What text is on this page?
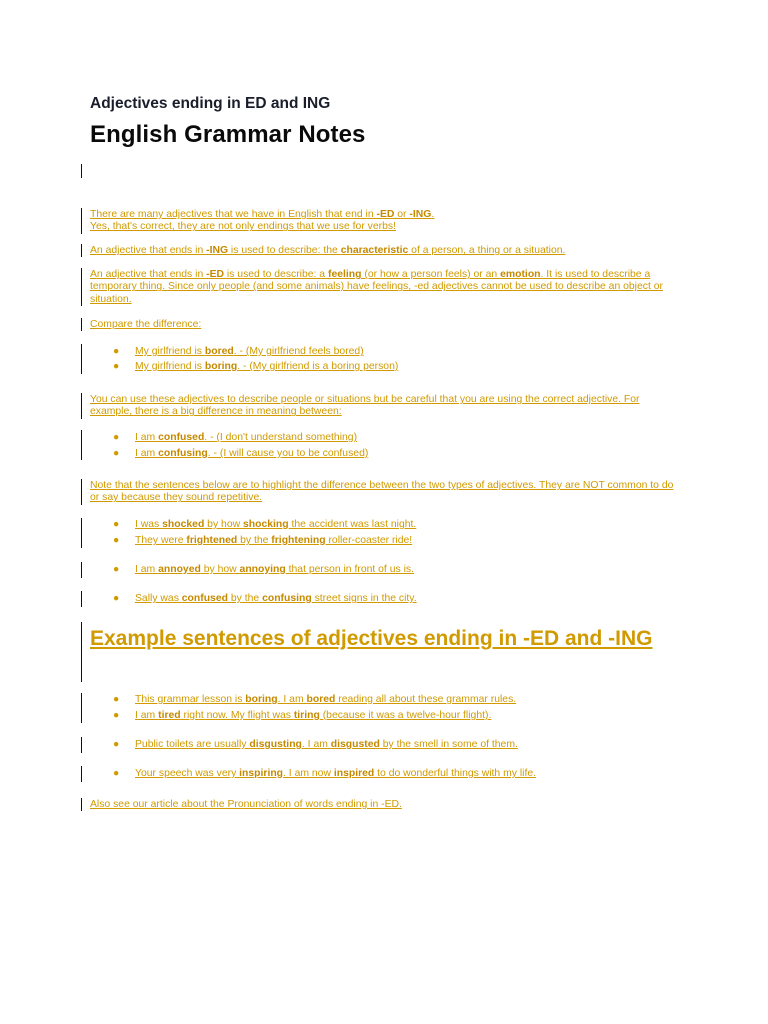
Adjectives ending in ED and ING
English Grammar Notes
There are many adjectives that we have in English that end in -ED or -ING.
Yes, that's correct, they are not only endings that we use for verbs!
An adjective that ends in -ING is used to describe: the characteristic of a person, a thing or a situation.
An adjective that ends in -ED is used to describe: a feeling (or how a person feels) or an emotion. It is used to describe a temporary thing. Since only people (and some animals) have feelings, -ed adjectives cannot be used to describe an object or situation.
Compare the difference:
● My girlfriend is bored. - (My girlfriend feels bored)
● My girlfriend is boring. - (My girlfriend is a boring person)
You can use these adjectives to describe people or situations but be careful that you are using the correct adjective. For example, there is a big difference in meaning between:
● I am confused. - (I don't understand something)
● I am confusing. - (I will cause you to be confused)
Note that the sentences below are to highlight the difference between the two types of adjectives. They are NOT common to do or say because they sound repetitive.
● I was shocked by how shocking the accident was last night.
● They were frightened by the frightening roller-coaster ride!
● I am annoyed by how annoying that person in front of us is.
● Sally was confused by the confusing street signs in the city.
Example sentences of adjectives ending in -ED and -ING
● This grammar lesson is boring. I am bored reading all about these grammar rules.
● I am tired right now. My flight was tiring (because it was a twelve-hour flight).
● Public toilets are usually disgusting. I am disgusted by the smell in some of them.
● Your speech was very inspiring. I am now inspired to do wonderful things with my life.
Also see our article about the Pronunciation of words ending in -ED.
